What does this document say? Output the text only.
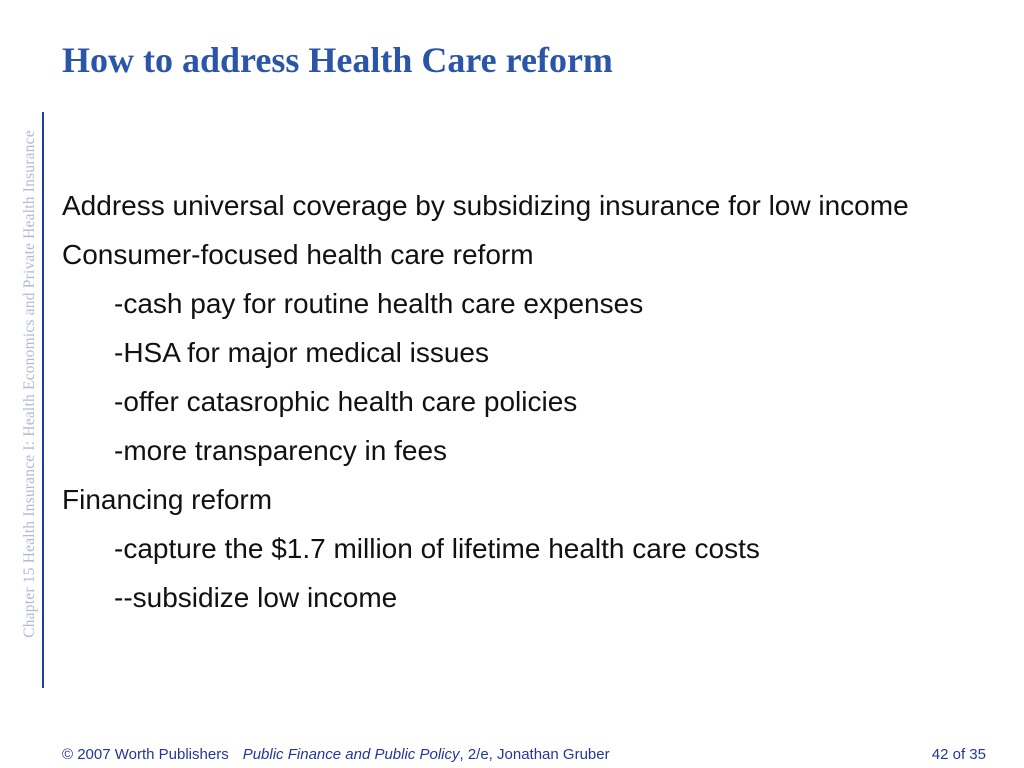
Chapter 15 Health Insurance I: Health Economics and Private Health Insurance
How to address Health Care reform

Address universal coverage by subsidizing insurance for low income

Consumer-focused health care reform

-cash pay for routine health care expenses

-HSA for major medical issues

-offer catasrophic health care policies

-more transparency in fees

Financing reform

-capture the $1.7 million of lifetime health care costs

--subsidize low income

© 2007 Worth Publishers Public Finance and Public Policy, 2/e, Jonathan Gruber	42 of 35
